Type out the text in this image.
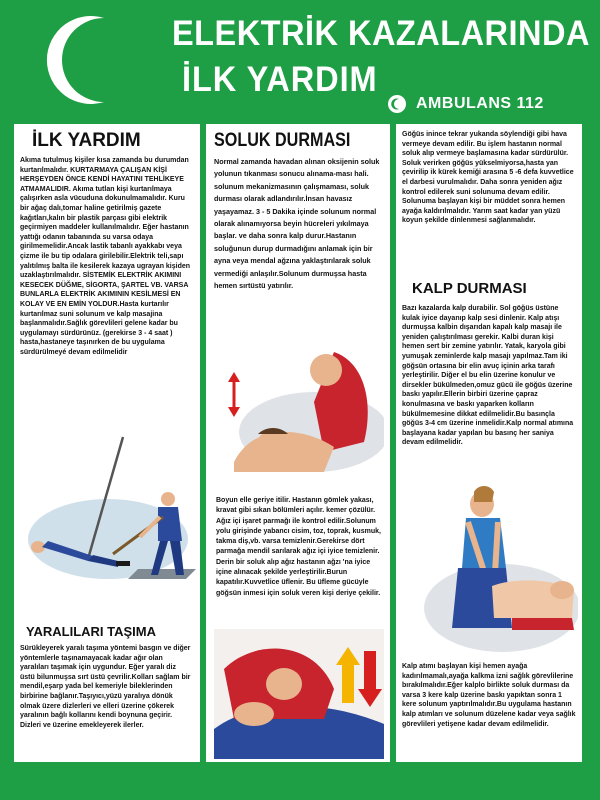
ELEKTRİK KAZALARINDA
İLK YARDIM
AMBULANS 112
İLK YARDIM
Akıma tutulmuş kişiler kısa zamanda bu durumdan kurtarılmalıdır. KURTARMAYA ÇALIŞAN KİŞİ HERŞEYDEN ÖNCE KENDİ HAYATINI TEHLİKEYE ATMAMALIDIR. Akıma tutlan kişi kurtarılmaya çalışırken asla vücuduna dokunulmamalıdır. Kuru bir ağaç dalı,tomar haline getirilmiş gazete kağıtları,kalın bir plastik parçası gibi elektrik geçirmiyen maddeler kullanılmalıdır. Eğer hastanın yattığı odanın tabanında su varsa odaya girilmemelidir.Ancak lastik tabanlı ayakkabı veya çizme ile bu tip odalara girilebilir.Elektrik teli,sapı yalıtılmış balta ile kesilerek kazaya ugrayan kişiden uzaklaştırılmalıdır. SİSTEMİK ELEKTRİK AKIMINI KESECEK DÜĞME, SİGORTA, ŞARTEL VB. VARSA BUNLARLA ELEKTRİK AKIMININ KESİLMESİ EN KOLAY VE EN EMİN YOLDUR.Hasta kurtarılır kurtarılmaz suni solunum ve kalp masajina başlanmalıdır.Sağlık görevlileri gelene kadar bu uygulamayı sürdürünüz. (gerekirse 3 - 4 saat ) hasta,hastaneye taşınırken de bu uygulama sürdürülmeyé devam edilmelidir
YARALILARI TAŞIMA
Sürükleyerek yaralı taşıma yöntemi basgın ve diğer yöntemlerle taşınamayacak kadar ağır olan yaralıları taşımak için uygundur. Eğer yaralı diz üstü bilunmuşsa sırt üstü çevrilir.Kolları sağlam bir mendil,eşarp yada bel kemeriyle bileklerinden birbirine bağlanır.Taşıyıcı,yüzü yaralıya dönük olmak üzere dizlerleri ve elleri üzerine çökerek yaralının bağlı kollarını kendi boynuna geçirir. Dizleri ve üzerine emekleyerek ilerler.
SOLUK DURMASI
Normal zamanda havadan alınan oksijenin soluk yolunun tıkanması sonucu alınama-ması hali. solunum mekanizmasının çalışmaması, soluk durması olarak adlandırılır.İnsan havasız yaşayamaz. 3 - 5 Dakika içinde solunum normal olarak alınamıyorsa beyin hücreleri yıkılmaya başlar. ve daha sonra kalp durur.Hastanın soluğunun durup durmadığını anlamak için bir ayna veya mendal ağzına yaklaştırılarak soluk vermediği anlaşılır.Solunum durmuşsa hasta hemen sırtüstü yatırılır.
Boyun elle geriye itilir. Hastanın gömlek yakası, kravat gibi sıkan bölümleri açılır. kemer çözülür. Ağız içi işaret parmağı ile kontrol edilir.Solunum yolu girişinde yabancı cisim, toz, toprak, kusmuk, takma diş,vb. varsa temizlenir.Gerekirse dört parmağa mendil sarılarak ağız içi iyice temizlenir. Derin bir soluk alıp ağız hastanın ağzı 'na iyice içine alınacak şekilde yerleştirilir.Burun kapatılır.Kuvvetlice üflenir. Bu üfleme gücüyle göğsün inmesi için soluk veren kişi deriye çekilir.
Göğüs inince tekrar yukanda söylendiği gibi hava vermeye devam edilir. Bu işlem hastanın normal soluk alıp vermeye başlamasına kadar sürdürülür. Soluk verirken göğüs yükselmiyorsa,hasta yan çevirilip ik kürek kemiği arasına 5 -6 defa kuvvetlice el darbesi vurulmalıdır. Daha sonra yeniden ağız kontrol edilerek suni solunuma devam edilir. Solunuma başlayan kişi bir müddet sonra hemen ayağa kaldırılmalıdır. Yarım saat kadar yan yüzü koyun şekilde dinlenmesi sağlanmalıdır.
KALP DURMASI
Bazı kazalarda kalp durabilir. Sol göğüs üstüne kulak iyice dayanıp kalp sesi dinlenir. Kalp atışı durmuşsa kalbin dışarıdan kapalı kalp masajı ile yeniden çalıştırılması gerekir. Kalbi duran kişi hemen sert bir zemine yatırılır. Yatak, karyola gibi yumuşak zeminlerde kalp masajı yapılmaz.Tam iki göğsün ortasına bir elin avuç içinin arka tarafı yerleştirilir. Diğer el bu elin üzerine konulur ve dirsekler bükülmeden,omuz gücü ile göğüs üzerine baskı yapılır.Ellerin birbiri üzerine çapraz konulmasına ve baskı yaparken kolların bükülmemesine dikkat edilmelidir.Bu basınçla göğüs 3-4 cm üzerine inmelidir.Kalp normal atımına başlayana kadar yapılan bu basınç her saniya devam edilmelidir.
Kalp atımı başlayan kişi hemen ayağa kadırılmamalı,ayağa kalkma izni sağlık görevlilerine bırakılmalıdır.Eğer kalplo birlikte soluk durması da varsa 3 kere kalp üzerine baskı yapıktan sonra 1 kere solunum yaptırılmalıdır.Bu uygulama hastanın kalp atımları ve solunum düzelene kadar veya sağlık görevlileri yetişene kadar devam edilmelidir.
